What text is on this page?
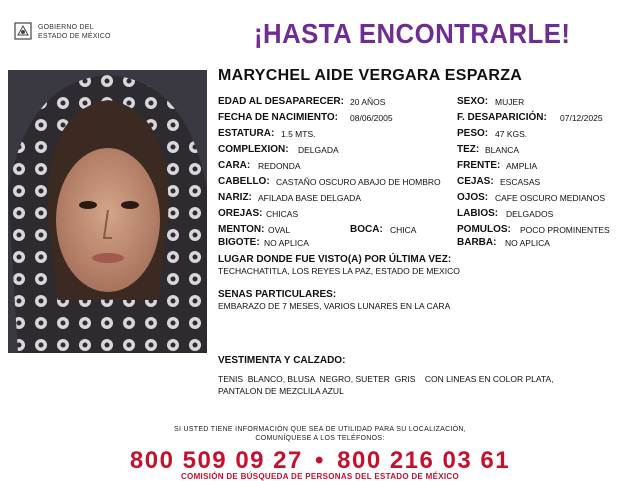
GOBIERNO DEL
ESTADO DE MÉXICO	¡HASTA ENCONTRARLE!
MARYCHEL AIDE VERGARA ESPARZA
EDAD AL DESAPARECER: 20 AÑOS
FECHA DE NACIMIENTO: 08/06/2005
ESTATURA: 1.5 MTS.
COMPLEXION: DELGADA
CARA: REDONDA
CABELLO: CASTAÑO OSCURO ABAJO DE HOMBRO
NARIZ: AFILADA BASE DELGADA
OREJAS: CHICAS
MENTON: OVAL	BOCA: CHICA
BIGOTE: NO APLICA
SEXO: MUJER
F. DESAPARICIÓN: 07/12/2025
PESO: 47 KGS.
TEZ: BLANCA
FRENTE: AMPLIA
CEJAS: ESCASAS
OJOS: CAFE OSCURO MEDIANOS
LABIOS: DELGADOS
POMULOS: POCO PROMINENTES
BARBA: NO APLICA
LUGAR DONDE FUE VISTO(A) POR ÚLTIMA VEZ:
TECHACHATITLA, LOS REYES LA PAZ, ESTADO DE MEXICO
SENAS PARTICULARES:
EMBARAZO DE 7 MESES, VARIOS LUNARES EN LA CARA
VESTIMENTA Y CALZADO:
TENIS  BLANCO, BLUSA  NEGRO, SUETER  GRIS    CON LINEAS EN COLOR PLATA,
PANTALON DE MEZCLILA AZUL
SI USTED TIENE INFORMACIÓN QUE SEA DE UTILIDAD PARA SU LOCALIZACIÓN,
COMUNÍQUESE A LOS TELÉFONOS:
800 509 09 27 • 800 216 03 61
COMISIÓN DE BÚSQUEDA DE PERSONAS DEL ESTADO DE MÉXICO
